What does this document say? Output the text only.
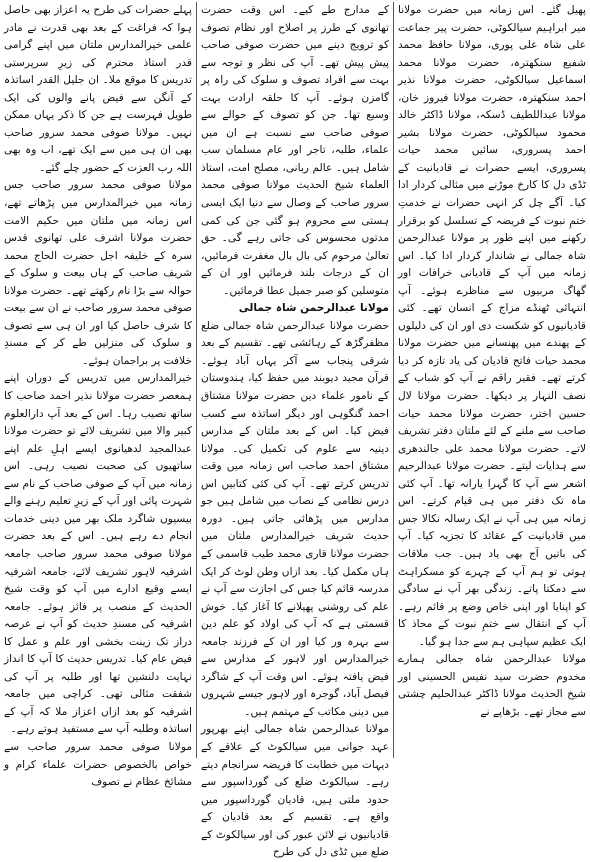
پہلے حضرات کی طرح یہ اعزاز بھی حاصل ہوا کہ فراغت کے بعد بھی قدرت نے مادر علمی خیرالمدارس ملتان میں اپنے گرامی قدر استاذ محترم کی زیرِ سرپرستی تدریس کا موقع ملا۔ ان جلیل القدر اساتذہ کے آنگن سے فیض پانے والوں کی ایک طویل فہرست ہے جن کا ذکر یہاں ممکن نہیں۔ مولانا صوفی محمد سرور صاحب بھی ان ہی میں سے ایک تھے، اب وہ بھی اللہ رب العزت کے حضور چلے گئے۔

مولانا صوفی محمد سرور صاحب جس زمانہ میں خیرالمدارس میں پڑھاتے تھے، اس زمانہ میں ملتان میں حکیم الامت حضرت مولانا اشرف علی تھانوی قدس سرہ کے خلیفہ اجل حضرت الحاج محمد شریف صاحب کے ہاں بیعت و سلوک کے حوالہ سے بڑا نام رکھتے تھے۔ حضرت مولانا صوفی محمد سرور صاحب نے ان سے بیعت کا شرف حاصل کیا اور ان ہی سے تصوف و سلوک کی منزلیں طے کر کے مسندِ خلافت پر براجمان ہوئے۔

خیرالمدارس میں تدریس کے دوران اپنے ہمعصر حضرت مولانا نذیر احمد صاحب کا ساتھ نصیب رہا۔ اس کے بعد آپ دارالعلوم کبیر والا میں تشریف لائے تو حضرت مولانا عبدالمجید لدھیانوی ایسے اہلِ علم اپنے ساتھیوں کی صحبت نصیب رہی۔ اس زمانہ میں آپ کے صوفی صاحب کے نام سے شہرت پائی اور آپ کے زیرِ تعلیم رہنے والے بیسیوں شاگرد ملک بھر میں دینی خدمات انجام دے رہے ہیں۔ اس کے بعد حضرت مولانا صوفی محمد سرور صاحب جامعہ اشرفیہ لاہور تشریف لائے، جامعہ اشرفیہ ایسے وقیع ادارے میں آپ کو وقت شیخ الحدیث کے منصب پر فائز ہوئے۔ جامعہ اشرفیہ کی مسندِ حدیث کو آپ نے عرصہ دراز تک زینت بخشی اور علم و عمل کا فیض عام کیا۔ تدریس حدیث کا آپ کا انداز نہایت دلنشین تھا اور طلبہ پر آپ کی شفقت مثالی تھی۔ کراچی میں جامعہ اشرفیہ کو بعد ازاں اعزاز ملا کہ آپ کے اساتذہ وطلبہ آپ سے مستفید ہوتے رہے۔

مولانا صوفی محمد سرور صاحب سے خواص بالخصوص حضرات علماء کرام و مشائخ عظام نے تصوف

کے مدارج طے کیے۔ اس وقت حضرت تھانوی کے طرز پر اصلاح اور نظام تصوف کو ترویج دینے میں حضرت صوفی صاحب پیش پیش تھے۔ آپ کی نظر و توجہ سے بہت سے افراد تصوف و سلوک کی راہ پر گامزن ہوئے۔ آپ کا حلقہ ارادت بہت وسیع تھا۔ جن کو تصوف کے حوالے سے صوفی صاحب سے نسبت ہے ان میں علماء، طلبہ، تاجر اور عام مسلمان سب شامل ہیں۔ عالم ربانی، مصلح امت، استاذ العلماء شیخ الحدیث مولانا صوفی محمد سرور صاحب کے وصال سے دنیا ایک ایسی ہستی سے محروم ہو گئی جن کی کمی مدتوں محسوس کی جاتی رہے گی۔ حق تعالیٰ مرحوم کی بال بال مغفرت فرمائیں، ان کے درجات بلند فرمائیں اور ان کے متوسلین کو صبر جمیل عطا فرمائیں۔

مولانا عبدالرحمن شاہ جمالی

حضرت مولانا عبدالرحمن شاہ جمالی ضلع مظفرگڑھ کے رہائشی تھے۔ تقسیم کے بعد شرقی پنجاب سے آکر یہاں آباد ہوئے۔ قرآن مجید دیوبند میں حفظ کیا، ہندوستان کے نامور علماء دین حضرت مولانا مشتاق احمد گنگوہی اور دیگر اساتذہ سے کسب فیض کیا۔ اس کے بعد ملتان کے مدارس دینیہ سے علوم کی تکمیل کی۔ مولانا مشتاق احمد صاحب اس زمانہ میں وقت تدریس کرتے تھے۔ آپ کی کئی کتابیں اس درس نظامی کے نصاب میں شامل ہیں جو مدارس میں پڑھائی جاتی ہیں۔ دورہ حدیث شریف خیرالمدارس ملتان میں حضرت مولانا قاری محمد طیب قاسمی کے ہاں مکمل کیا۔ بعد ازاں وطن لوٹ کر ایک مدرسہ قائم کیا جس کی اجازت سے آپ نے علم کی روشنی پھیلانے کا آغاز کیا۔ خوش قسمتی ہے کہ آپ کی اولاد کو علم دین سے بہرہ ور کیا اور ان کے فرزند جامعہ خیرالمدارس اور لاہور کے مدارس سے فیض یافتہ ہوئے۔ اس وقت آپ کے شاگرد فیصل آباد، گوجرہ اور لاہور جیسے شہروں میں دینی مکاتب کے مہتمم ہیں۔

مولانا عبدالرحمن شاہ جمالی اپنے بھرپور عہد جوانی میں سیالکوٹ کے علاقے کے دیہات میں خطابت کا فریضہ سرانجام دیتے رہے۔ سیالکوٹ ضلع کی گورداسپور سے حدود ملتی ہیں، قادیان گورداسپور میں واقع ہے۔ تقسیم کے بعد قادیان کے قادیانیوں نے لائن عبور کی اور سیالکوٹ کے ضلع میں ٹڈی دل کی طرح

پھیل گئے۔ اس زمانہ میں حضرت مولانا میر ابراہیم سیالکوٹی، حضرت پیر جماعت علی شاہ علی پوری، مولانا حافظ محمد شفیع سنکھترہ، حضرت مولانا محمد اسماعیل سیالکوٹی، حضرت مولانا نذیر احمد سنکھترہ، حضرت مولانا فیروز خان، مولانا عبداللطیف ڈسکہ، مولانا ڈاکٹر خالد محمود سیالکوٹی، حضرت مولانا بشیر احمد پسروری، سائیں محمد حیات پسروری، ایسے حضرات نے قادیانیت کے ٹڈی دل کا کارخ موڑنے میں مثالی کردار ادا کیا۔ آگے چل کر انہی حضرات نے خدمتِ ختمِ نبوت کے فریضہ کے تسلسل کو برقرار رکھنے میں اپنے طور پر مولانا عبدالرحمن شاہ جمالی نے شاندار کردار ادا کیا۔ اس زمانہ میں آپ کے قادیانی خرافات اور گھاگ مربیوں سے مناظرے ہوئے۔ آپ انتہائی ٹھنڈے مزاج کے انسان تھے۔ کئی قادیانیوں کو شکست دی اور ان کی دلیلوں کے پھندے میں پھنسانے میں حضرت مولانا محمد حیات فاتح قادیان کی یاد تازہ کر دیا کرتے تھے۔ فقیر راقم نے آپ کو شباب کے نصف النہار پر دیکھا۔ حضرت مولانا لال حسین اختر، حضرت مولانا محمد حیات صاحب سے ملنے کے لئے ملتان دفتر تشریف لاتے۔ حضرت مولانا محمد علی جالندھری سے ہدایات لیتے۔ حضرت مولانا عبدالرحیم اشعر سے آپ کا گہرا یارانہ تھا۔ آپ کئی ماہ تک دفتر میں ہی قیام کرتے۔ اس زمانہ میں ہی آپ نے ایک رسالہ نکالا جس میں قادیانیت کے عقائد کا تجزیہ کیا۔ آپ کی باتیں آج بھی یاد ہیں۔ جب ملاقات ہوتی تو ہم آپ کے چہرے کو مسکراہٹ سے دمکتا پاتے۔ زندگی بھر آپ نے سادگی کو اپنایا اور اپنی خاص وضع پر قائم رہے۔ آپ کے انتقال سے ختمِ نبوت کے محاذ کا ایک عظیم سپاہی ہم سے جدا ہو گیا۔

مولانا عبدالرحمن شاہ جمالی ہمارے مخدوم حضرت سید نفیس الحسینی اور شیخ الحدیث مولانا ڈاکٹر عبدالحلیم چشتی سے مجاز تھے۔ بڑھاپے نے
